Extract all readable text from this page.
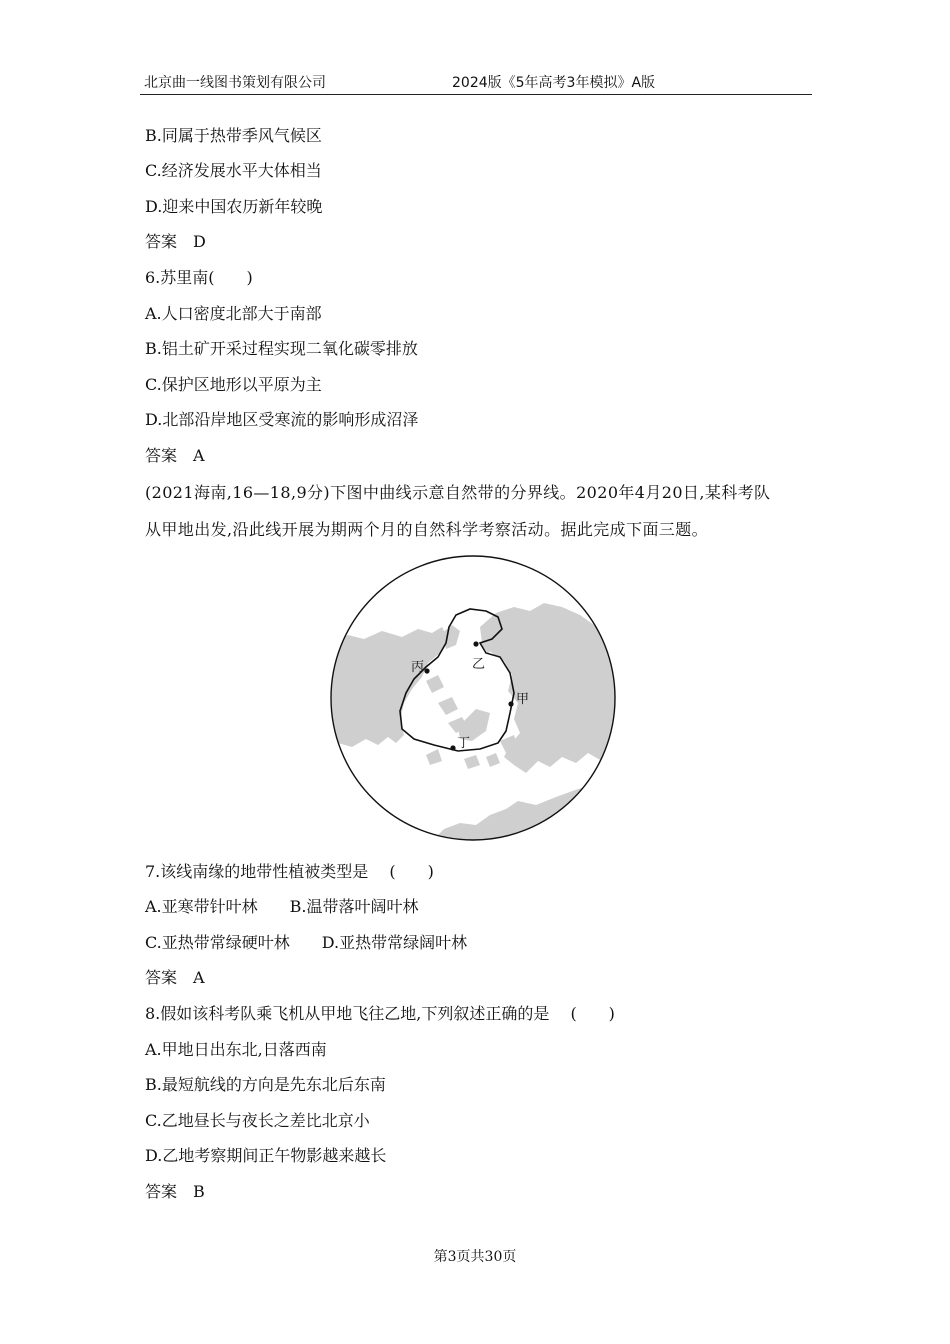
北京曲一线图书策划有限公司	2024版《5年高考3年模拟》A版
B.同属于热带季风气候区
C.经济发展水平大体相当
D.迎来中国农历新年较晚
答案　D
6.苏里南(　　)
A.人口密度北部大于南部
B.铝土矿开采过程实现二氧化碳零排放
C.保护区地形以平原为主
D.北部沿岸地区受寒流的影响形成沼泽
答案　A
(2021海南,16—18,9分)下图中曲线示意自然带的分界线。2020年4月20日,某科考队
从甲地出发,沿此线开展为期两个月的自然科学考察活动。据此完成下面三题。
丙	乙
甲
丁
7.该线南缘的地带性植被类型是　 (　　)
A.亚寒带针叶林 B.温带落叶阔叶林
C.亚热带常绿硬叶林 D.亚热带常绿阔叶林
答案　A
8.假如该科考队乘飞机从甲地飞往乙地,下列叙述正确的是　 (　　)
A.甲地日出东北,日落西南
B.最短航线的方向是先东北后东南
C.乙地昼长与夜长之差比北京小
D.乙地考察期间正午物影越来越长
答案　B
第3页共30页
